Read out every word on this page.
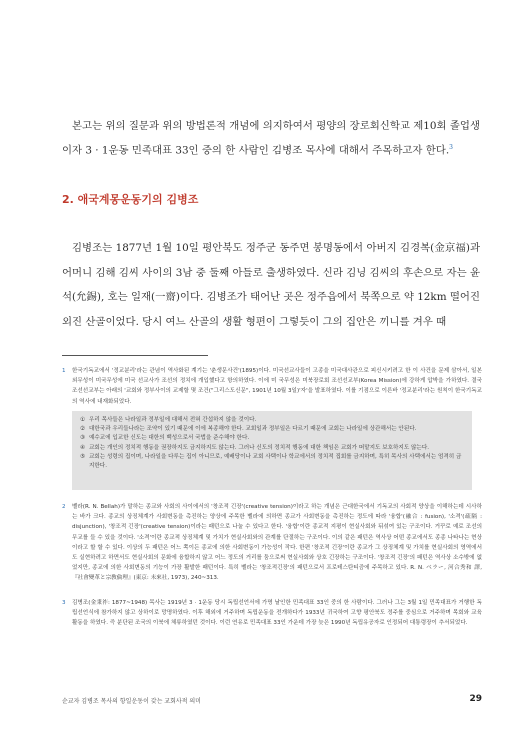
본고는 위의 질문과 위의 방법론적 개념에 의지하여서 평양의 장로회신학교 제10회 졸업생이자 3 · 1운동 민족대표 33인 중의 한 사람인 김병조 목사에 대해서 주목하고자 한다.$^3$

2. 애국계몽운동기의 김병조

김병조는 1877년 1월 10일 평안북도 정주군 동주면 봉명동에서 아버지 김경복(金京福)과 어머니 김해 김씨 사이의 3남 중 둘째 아들로 출생하였다. 신라 김닝 김씨의 후손으로 자는 윤석(允錫), 호는 일재(一齋)이다. 김병조가 태어난 곳은 정주읍에서 북쪽으로 약 12km 떨어진 외진 산골이었다. 당시 여느 산골의 생활 형편이 그렇듯이 그의 집안은 끼니를 겨우 때

1	한국기독교에서 '정교분리'라는 관념이 역사화된 계기는 '춘생문사건'(1895)이다. 미국선교사들이 고종을 미국대사관으로 피신시키려고 한 이 사건을 문제 삼아서, 일본 외무성이 미국무성에 미국 선교사가 조선의 정치에 개입했다고 항의하였다. 이에 미 국무성은 미북장로회 조선선교부(Korea Mission)에 강하게 압박을 가하였다. 결국 조선선교부는 아래의 '교회와 정부사이의 교제할 몇 조건("그리스도신문", 1901년 10월 3일)'자'을 발표하였다. 이를 기점으로 이른바 '정교분리'라는 원칙이 한국기독교의 역사에 내재화되었다.
① 우리 목사들은 나라일과 정부일에 대해서 전혀 간섭하지 않을 것이다.
② 대한국과 우리들나라는 조약이 있기 때문에 이에 복종해야 한다. 교회일과 정부일은 다르기 때문에 교회는 나라일에 상관해서는 안된다.
③ 예수교에 입교한 신도는 대한의 백성으로서 국법을 준수해야 한다.
④ 교회는 개인의 정치적 행동을 권장하지도 금지하지도 않는다. 그러나 신도의 정치적 행동에 대한 책임은 교회가 떠맡지도 보호하지도 않는다.
⑤ 교회는 성령의 집이며, 나라일을 다루는 집이 아니므로, 예배당이나 교회 사택이나 학교에서의 정치적 집회를 금지하며, 특히 목사의 사택에서는 엄격히 금지한다.
2	벨라(R. N. Bellah)가 말하는 종교와 사회의 사이에서의 '창조적 긴장'(creative tension)이라고 하는 개념은 근대한국에서 기독교의 사회적 양상을 이해하는데 시사하는 바가 크다. 종교의 상징체계가 사회변동을 촉진하는 양상에 주목한 벨라에 의하면 종교가 사회변동을 촉진하는 정도에 따라 '융합'(融合 : fusion), '소격'(疏隔 : disjunction), '창조적 긴장'(creative tension)이라는 패턴으로 나눌 수 있다고 한다. '융합'이란 종교적 지평이 현실사회와 뒤섞여 있는 구조이다. 거꾸로 예로 조선의 무교를 들 수 있을 것이다. '소격'이란 종교적 상징체계 및 가치가 현실사회와의 관계를 단절하는 구조이다. 이의 같은 패턴은 역사상 어떤 종교에서도 종종 나타나는 현상이라고 할 할 수 있다. 이상의 두 패턴은 어느 쪽이든 종교에 의한 사회변동이 가능성이 작다. 한편 '창조적 긴장'이란 종교가 그 상징체계 및 가치를 현실사회의 영역에서도 실현하려고 하면서도 현실사회의 문화에 융합하지 않고 어느 정도의 거리를 둠으로써 현실사회와 상호 긴장하는 구조이다. '창조적 긴장'의 패턴은 역사상 소수밖에 없었지만, 종교에 의한 사회변동의 기능이 가장 활발한 패턴이다. 특히 벨라는 '창조적긴장'의 패턴으로서 프로테스탄티즘에 주목하고 있다. R. N. ベラー, 河合秀和 譯, 『社會變革と宗敎倫理』(東京: 未來社, 1973), 240~313.
3	김병조(金秉祚: 1877~1948) 목사는 1919년 3 · 1운동 당시 독립선언서에 가명 날인한 민족대표 33인 중의 한 사람이다. 그러나 그는 3월 1일 민족대표가 거행한 독립선언식에 참가하지 않고 상하이로 망명하였다. 이후 해외에 거주하며 독립운동을 전개하다가 1933년 귀국하여 고향 평안북도 정주를 중심으로 거주하며 목회와 교육활동을 하였다. 즉 분단된 조국의 이북에 체류하였던 것이다. 이런 연유로 민족대표 33인 가운데 가장 늦은 1990년 독립유공자로 인정되어 대통령장이 추서되었다.
순교자 김병조 목사의 항일운동이 갖는 교회사적 의미	29
